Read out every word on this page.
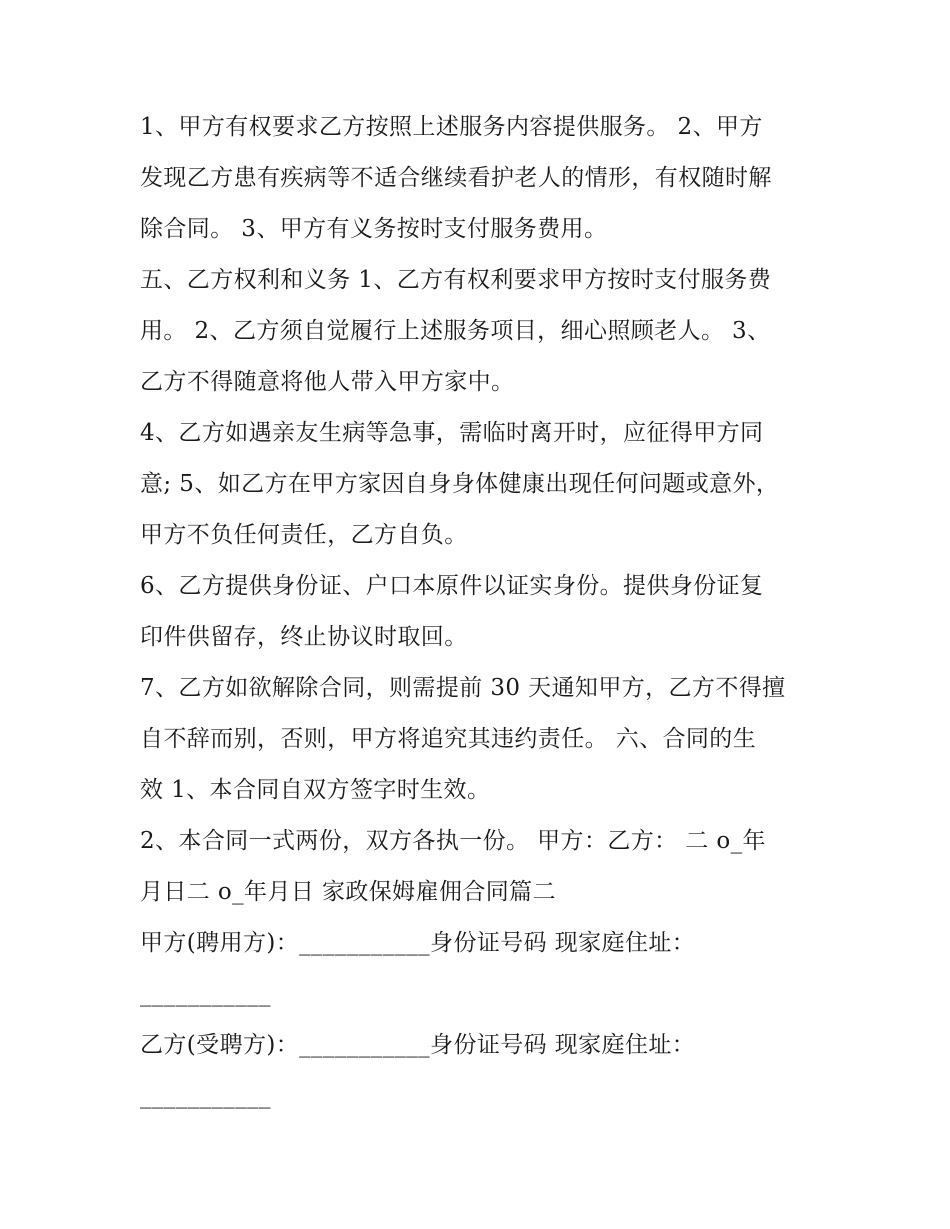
1、甲方有权要求乙方按照上述服务内容提供服务。 2、甲方
发现乙方患有疾病等不适合继续看护老人的情形，有权随时解
除合同。 3、甲方有义务按时支付服务费用。

五、乙方权利和义务 1、乙方有权利要求甲方按时支付服务费
用。 2、乙方须自觉履行上述服务项目，细心照顾老人。 3、
乙方不得随意将他人带入甲方家中。

4、乙方如遇亲友生病等急事，需临时离开时，应征得甲方同
意; 5、如乙方在甲方家因自身身体健康出现任何问题或意外，
甲方不负任何责任，乙方自负。

6、乙方提供身份证、户口本原件以证实身份。提供身份证复
印件供留存，终止协议时取回。

7、乙方如欲解除合同，则需提前 30 天通知甲方，乙方不得擅
自不辞而别，否则，甲方将追究其违约责任。 六、合同的生
效 1、本合同自双方签字时生效。

2、本合同一式两份，双方各执一份。 甲方：乙方： 二 o_年
月日二 o_年月日 家政保姆雇佣合同篇二

甲方(聘用方)：___________身份证号码 现家庭住址：
___________

乙方(受聘方)：___________身份证号码 现家庭住址：
___________
